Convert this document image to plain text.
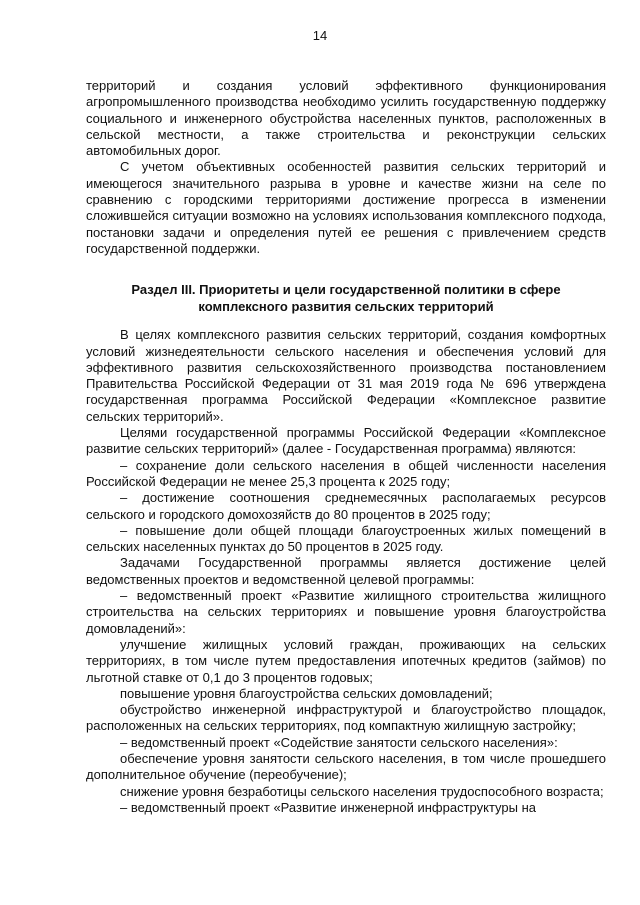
14

территорий и создания условий эффективного функционирования агропромышленного производства необходимо усилить государственную поддержку социального и инженерного обустройства населенных пунктов, расположенных в сельской местности, а также строительства и реконструкции сельских автомобильных дорог.

С учетом объективных особенностей развития сельских территорий и имеющегося значительного разрыва в уровне и качестве жизни на селе по сравнению с городскими территориями достижение прогресса в изменении сложившейся ситуации возможно на условиях использования комплексного подхода, постановки задачи и определения путей ее решения с привлечением средств государственной поддержки.

Раздел III. Приоритеты и цели государственной политики в сфере

комплексного развития сельских территорий

В целях комплексного развития сельских территорий, создания комфортных условий жизнедеятельности сельского населения и обеспечения условий для эффективного развития сельскохозяйственного производства постановлением Правительства Российской Федерации от 31 мая 2019 года № 696 утверждена государственная программа Российской Федерации «Комплексное развитие сельских территорий».

Целями государственной программы Российской Федерации «Комплексное развитие сельских территорий» (далее - Государственная программа) являются:

– сохранение доли сельского населения в общей численности населения Российской Федерации не менее 25,3 процента к 2025 году;

– достижение соотношения среднемесячных располагаемых ресурсов сельского и городского домохозяйств до 80 процентов в 2025 году;

– повышение доли общей площади благоустроенных жилых помещений в сельских населенных пунктах до 50 процентов в 2025 году.

Задачами Государственной программы является достижение целей ведомственных проектов и ведомственной целевой программы:

– ведомственный проект «Развитие жилищного строительства жилищного строительства на сельских территориях и повышение уровня благоустройства домовладений»:

улучшение жилищных условий граждан, проживающих на сельских территориях, в том числе путем предоставления ипотечных кредитов (займов) по льготной ставке от 0,1 до 3 процентов годовых;

повышение уровня благоустройства сельских домовладений;

обустройство инженерной инфраструктурой и благоустройство площадок, расположенных на сельских территориях, под компактную жилищную застройку;

– ведомственный проект «Содействие занятости сельского населения»:

обеспечение уровня занятости сельского населения, в том числе прошедшего дополнительное обучение (переобучение);

снижение уровня безработицы сельского населения трудоспособного возраста;

– ведомственный проект «Развитие инженерной инфраструктуры на
